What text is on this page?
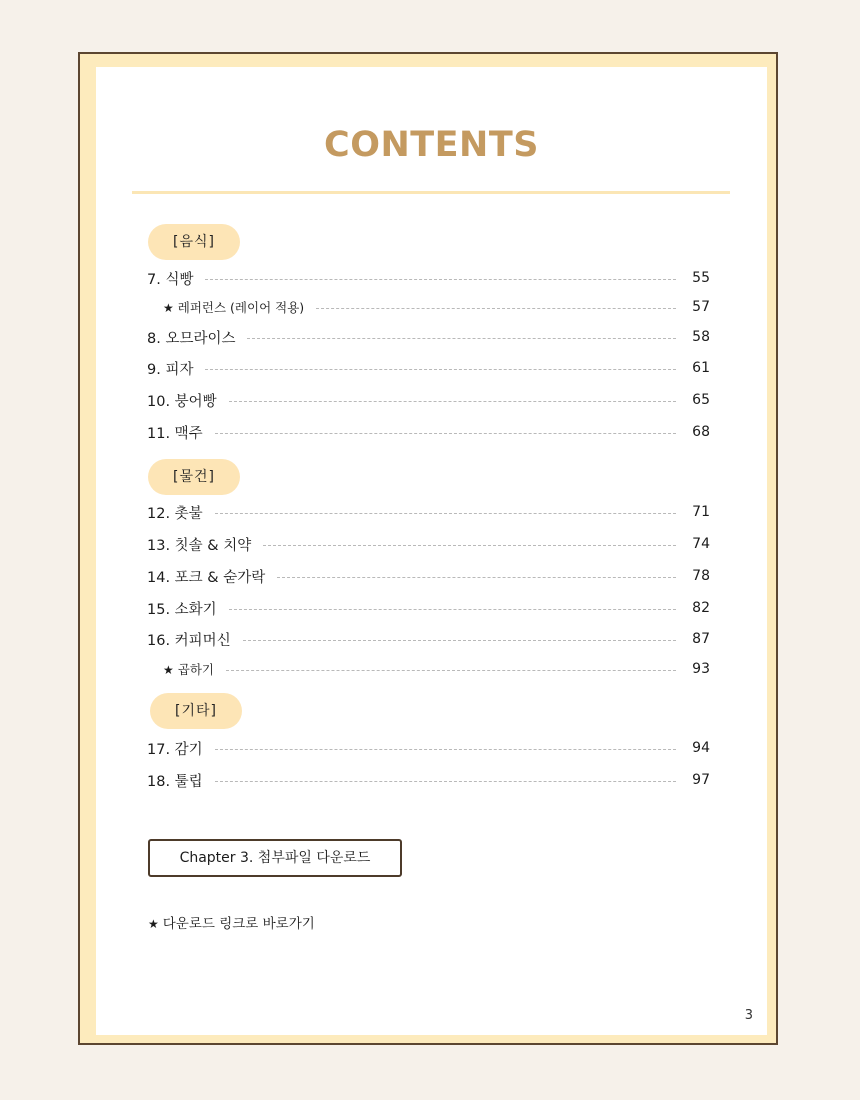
CONTENTS
[음식]
7. 식빵	55
★ 레퍼런스 (레이어 적용)	57
8. 오므라이스	58
9. 피자	61
10. 붕어빵	65
11. 맥주	68
[물건]
12. 촛불	71
13. 칫솔 & 치약	74
14. 포크 & 숟가락	78
15. 소화기	82
16. 커피머신	87
★ 곱하기	93
[기타]
17. 감기	94
18. 툴립	97
Chapter 3. 첨부파일 다운로드
★ 다운로드 링크로 바로가기
3
